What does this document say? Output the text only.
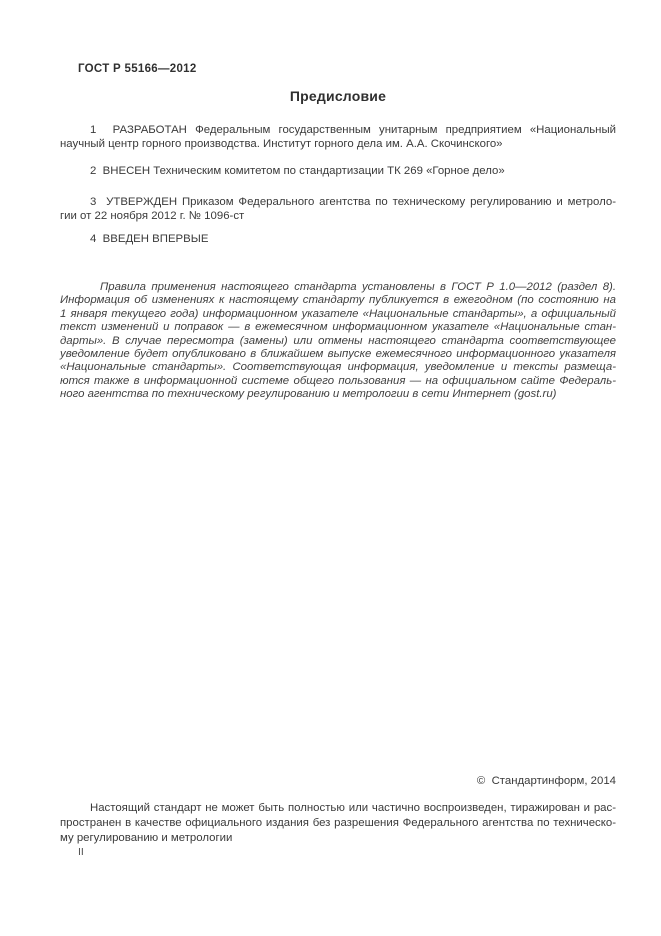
ГОСТ Р 55166—2012
Предисловие
1  РАЗРАБОТАН Федеральным государственным унитарным предприятием «Национальный
научный центр горного производства. Институт горного дела им. А.А. Скочинского»
2  ВНЕСЕН Техническим комитетом по стандартизации ТК 269 «Горное дело»
3  УТВЕРЖДЕН Приказом Федерального агентства по техническому регулированию и метроло-
гии от 22 ноября 2012 г. № 1096-ст
4  ВВЕДЕН ВПЕРВЫЕ
Правила применения настоящего стандарта установлены в ГОСТ Р 1.0—2012 (раздел 8).
Информация об изменениях к настоящему стандарту публикуется в ежегодном (по состоянию на
1 января текущего года) информационном указателе «Национальные стандарты», а официальный
текст изменений и поправок — в ежемесячном информационном указателе «Национальные стан-
дарты». В случае пересмотра (замены) или отмены настоящего стандарта соответствующее
уведомление будет опубликовано в ближайшем выпуске ежемесячного информационного указателя
«Национальные стандарты». Соответствующая информация, уведомление и тексты размеща-
ются также в информационной системе общего пользования — на официальном сайте Федераль-
ного агентства по техническому регулированию и метрологии в сети Интернет (gost.ru)
©  Стандартинформ, 2014
Настоящий стандарт не может быть полностью или частично воспроизведен, тиражирован и рас-
пространен в качестве официального издания без разрешения Федерального агентства по техническо-
му регулированию и метрологии
II
